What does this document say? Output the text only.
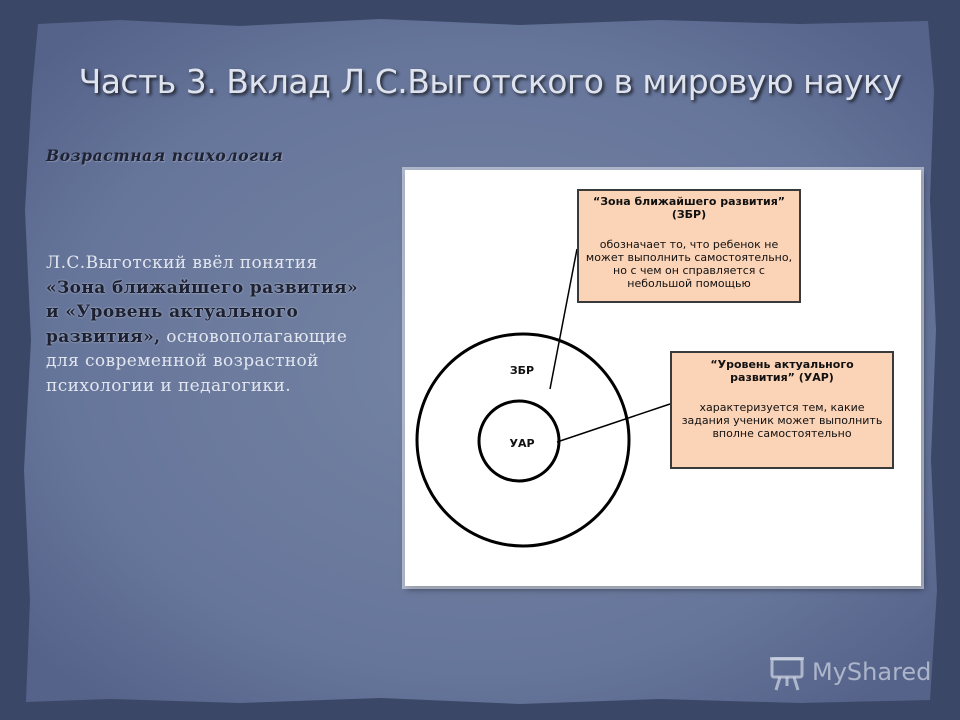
Часть 3. Вклад Л.С.Выготского в мировую науку
Возрастная психология
Л.С.Выготский ввёл понятия «Зона ближайшего развития» и «Уровень актуального развития», основополагающие для современной возрастной психологии и педагогики.
ЗБР
УАР
“Зона ближайшего развития” (ЗБР)
обозначает то, что ребенок не может выполнить самостоятельно, но с чем он справляется с небольшой помощью
“Уровень актуального развития” (УАР)
характеризуется тем, какие задания ученик может выполнить вполне самостоятельно
MyShared
